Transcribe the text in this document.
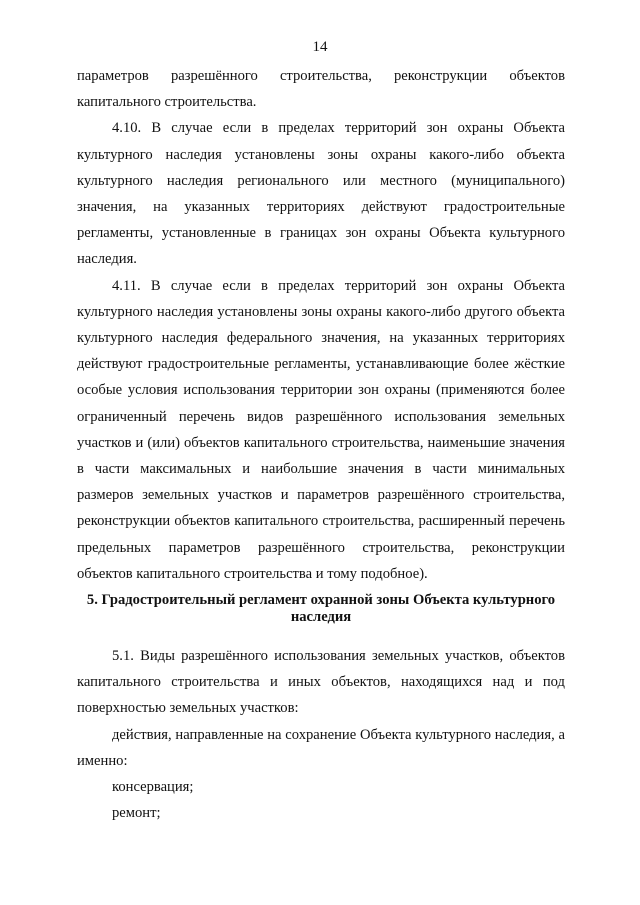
14

параметров разрешённого строительства, реконструкции объектов капитального строительства.

4.10. В случае если в пределах территорий зон охраны Объекта культурного наследия установлены зоны охраны какого-либо объекта культурного наследия регионального или местного (муниципального) значения, на указанных территориях действуют градостроительные регламенты, установленные в границах зон охраны Объекта культурного наследия.

4.11. В случае если в пределах территорий зон охраны Объекта культурного наследия установлены зоны охраны какого-либо другого объекта культурного наследия федерального значения, на указанных территориях действуют градостроительные регламенты, устанавливающие более жёсткие особые условия использования территории зон охраны (применяются более ограниченный перечень видов разрешённого использования земельных участков и (или) объектов капитального строительства, наименьшие значения в части максимальных и наибольшие значения в части минимальных размеров земельных участков и параметров разрешённого строительства, реконструкции объектов капитального строительства, расширенный перечень предельных параметров разрешённого строительства, реконструкции объектов капитального строительства и тому подобное).

5. Градостроительный регламент охранной зоны Объекта культурного наследия

5.1. Виды разрешённого использования земельных участков, объектов капитального строительства и иных объектов, находящихся над и под поверхностью земельных участков:

действия, направленные на сохранение Объекта культурного наследия, а именно:

консервация;

ремонт;
